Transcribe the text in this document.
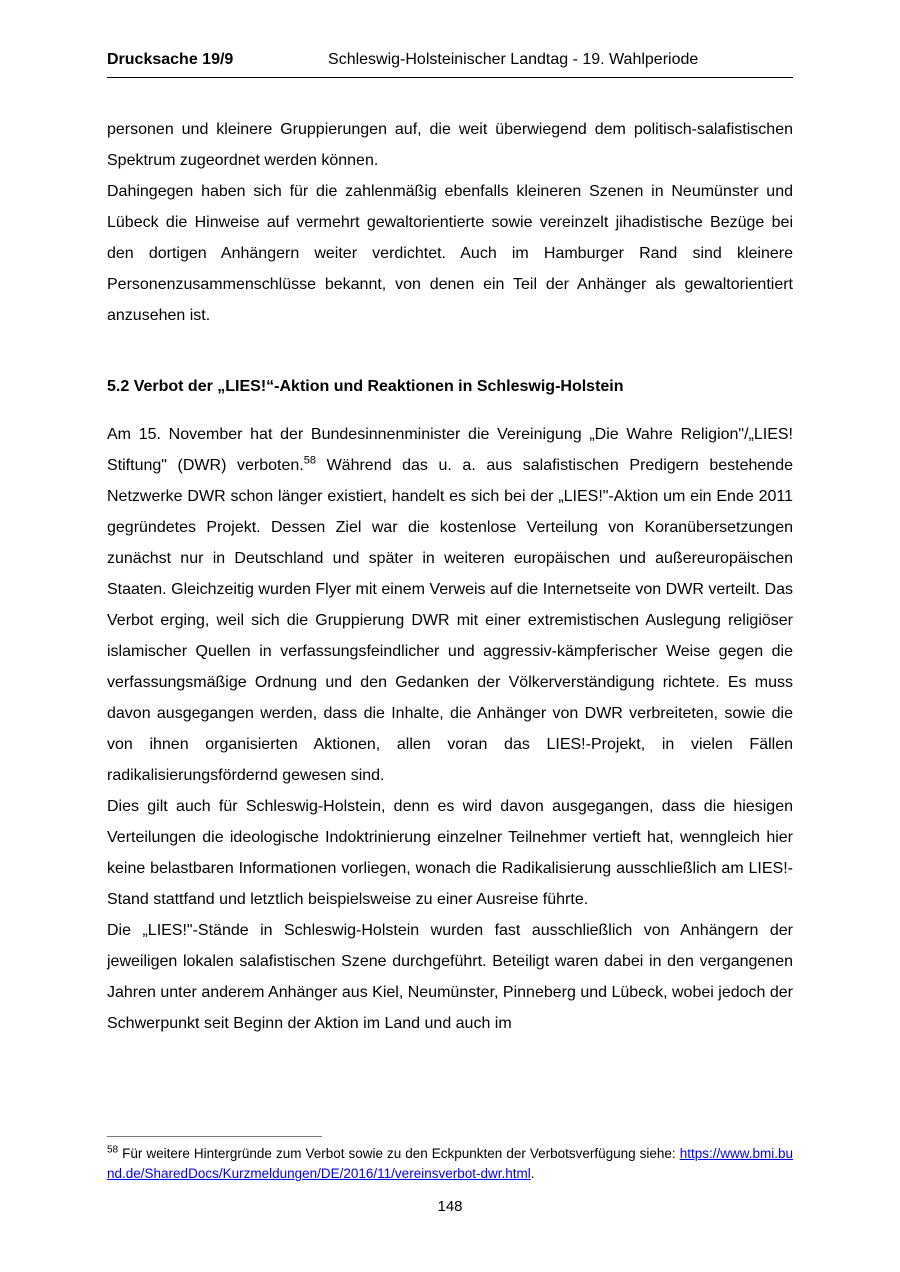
Drucksache 19/9	Schleswig-Holsteinischer Landtag - 19. Wahlperiode

personen und kleinere Gruppierungen auf, die weit überwiegend dem politisch-salafistischen Spektrum zugeordnet werden können.

Dahingegen haben sich für die zahlenmäßig ebenfalls kleineren Szenen in Neumünster und Lübeck die Hinweise auf vermehrt gewaltorientierte sowie vereinzelt jihadistische Bezüge bei den dortigen Anhängern weiter verdichtet. Auch im Hamburger Rand sind kleinere Personenzusammenschlüsse bekannt, von denen ein Teil der Anhänger als gewaltorientiert anzusehen ist.

5.2 Verbot der „LIES!“-Aktion und Reaktionen in Schleswig-Holstein

Am 15. November hat der Bundesinnenminister die Vereinigung „Die Wahre Religion"/„LIES! Stiftung" (DWR) verboten.$^{58}$ Während das u. a. aus salafistischen Predigern bestehende Netzwerke DWR schon länger existiert, handelt es sich bei der „LIES!"-Aktion um ein Ende 2011 gegründetes Projekt. Dessen Ziel war die kostenlose Verteilung von Koranübersetzungen zunächst nur in Deutschland und später in weiteren europäischen und außereuropäischen Staaten. Gleichzeitig wurden Flyer mit einem Verweis auf die Internetseite von DWR verteilt. Das Verbot erging, weil sich die Gruppierung DWR mit einer extremistischen Auslegung religiöser islamischer Quellen in verfassungsfeindlicher und aggressiv-kämpferischer Weise gegen die verfassungsmäßige Ordnung und den Gedanken der Völkerverständigung richtete. Es muss davon ausgegangen werden, dass die Inhalte, die Anhänger von DWR verbreiteten, sowie die von ihnen organisierten Aktionen, allen voran das LIES!-Projekt, in vielen Fällen radikalisierungsfördernd gewesen sind.

Dies gilt auch für Schleswig-Holstein, denn es wird davon ausgegangen, dass die hiesigen Verteilungen die ideologische Indoktrinierung einzelner Teilnehmer vertieft hat, wenngleich hier keine belastbaren Informationen vorliegen, wonach die Radikalisierung ausschließlich am LIES!-Stand stattfand und letztlich beispielsweise zu einer Ausreise führte.

Die „LIES!"-Stände in Schleswig-Holstein wurden fast ausschließlich von Anhängern der jeweiligen lokalen salafistischen Szene durchgeführt. Beteiligt waren dabei in den vergangenen Jahren unter anderem Anhänger aus Kiel, Neumünster, Pinneberg und Lübeck, wobei jedoch der Schwerpunkt seit Beginn der Aktion im Land und auch im

$^{58}$ Für weitere Hintergründe zum Verbot sowie zu den Eckpunkten der Verbotsverfügung siehe: https://www.bmi.bund.de/SharedDocs/Kurzmeldungen/DE/2016/11/vereinsverbot-dwr.html.

148
